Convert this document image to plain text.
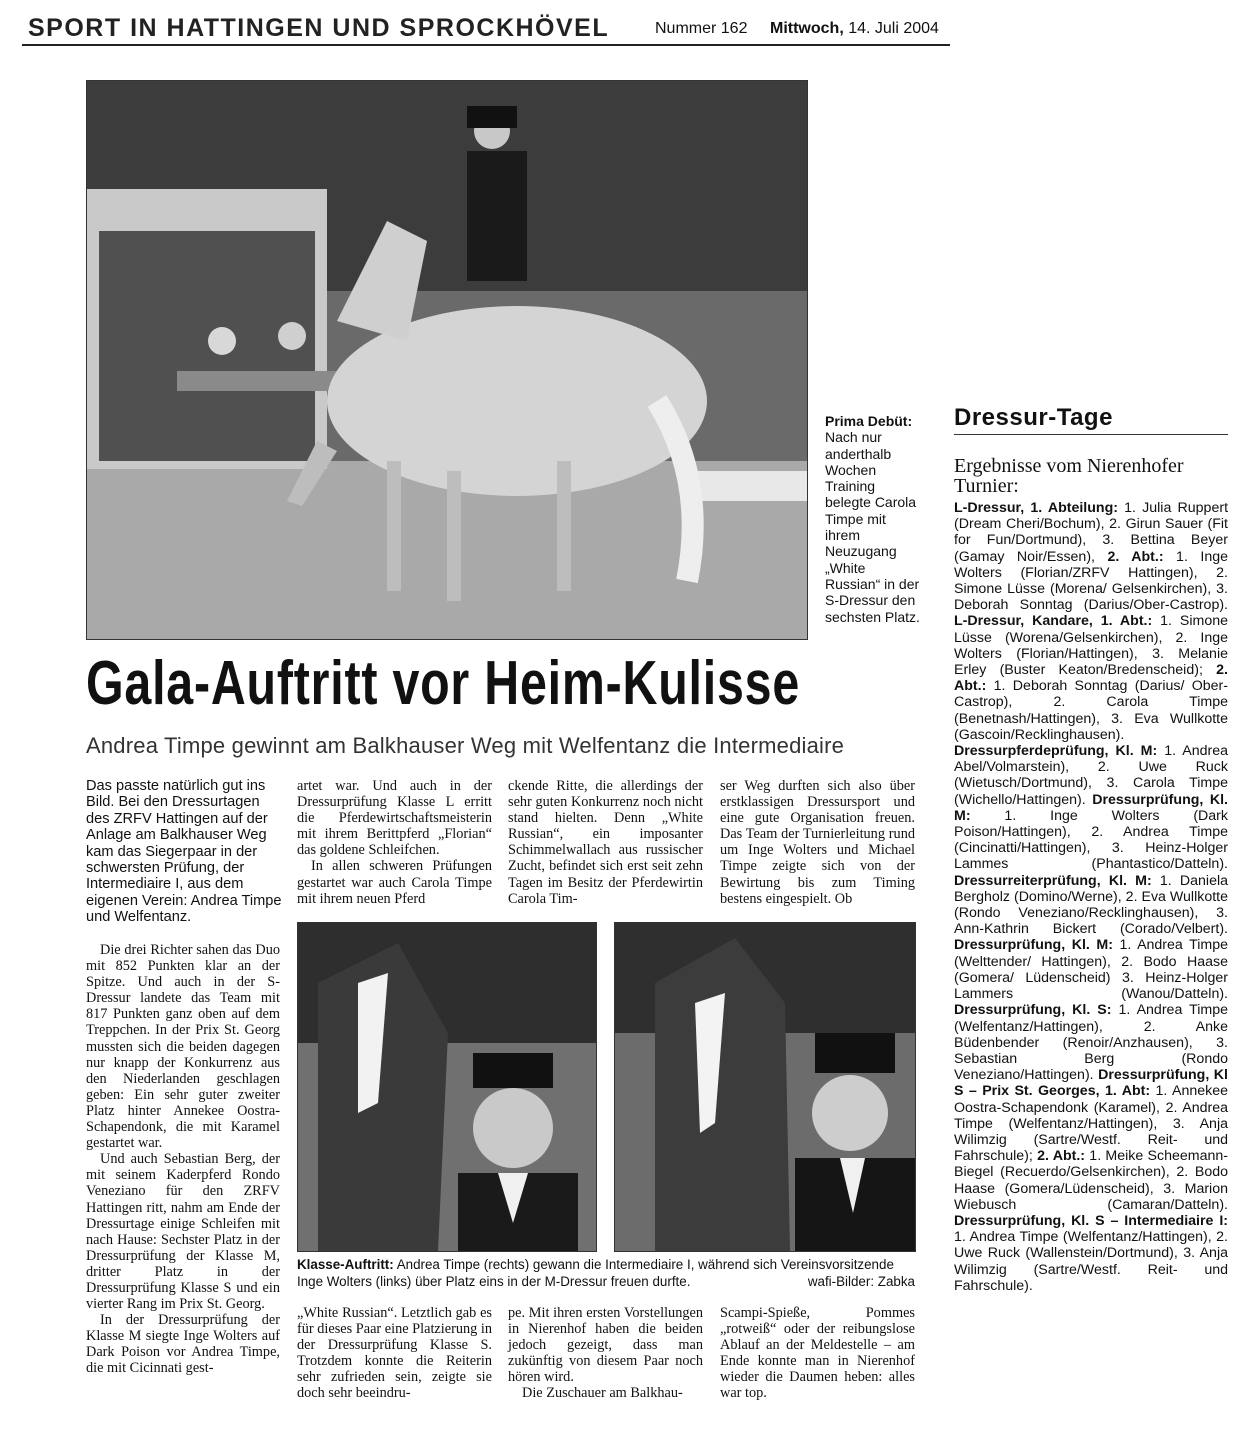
SPORT IN HATTINGEN UND SPROCKHÖVEL	Nummer 162 Mittwoch, 14. Juli 2004
Prima Debüt: Nach nur anderthalb Wochen Training belegte Carola Timpe mit ihrem Neuzugang „White Russian“ in der S-Dressur den sechsten Platz.
Gala-Auftritt vor Heim-Kulisse
Andrea Timpe gewinnt am Balkhauser Weg mit Welfentanz die Intermediaire

Das passte natürlich gut ins Bild. Bei den Dressurtagen des ZRFV Hattingen auf der Anlage am Balkhauser Weg kam das Siegerpaar in der schwersten Prüfung, der Intermediaire I, aus dem eigenen Verein: Andrea Timpe und Welfentanz.

Die drei Richter sahen das Duo mit 852 Punkten klar an der Spitze. Und auch in der S-Dressur landete das Team mit 817 Punkten ganz oben auf dem Treppchen. In der Prix St. Georg mussten sich die beiden dagegen nur knapp der Konkurrenz aus den Niederlanden geschlagen geben: Ein sehr guter zweiter Platz hinter Annekee Oostra-Schapendonk, die mit Karamel gestartet war.

Und auch Sebastian Berg, der mit seinem Kaderpferd Rondo Veneziano für den ZRFV Hattingen ritt, nahm am Ende der Dressurtage einige Schleifen mit nach Hause: Sechster Platz in der Dressurprüfung der Klasse M, dritter Platz in der Dressurprüfung Klasse S und ein vierter Rang im Prix St. Georg.

In der Dressurprüfung der Klasse M siegte Inge Wolters auf Dark Poison vor Andrea Timpe, die mit Cicinnati gest-

artet war. Und auch in der Dressurprüfung Klasse L erritt die Pferdewirtschaftsmeisterin mit ihrem Berittpferd „Florian“ das goldene Schleifchen.

In allen schweren Prüfungen gestartet war auch Carola Timpe mit ihrem neuen Pferd

ckende Ritte, die allerdings der sehr guten Konkurrenz noch nicht stand hielten. Denn „White Russian“, ein imposanter Schimmelwallach aus russischer Zucht, befindet sich erst seit zehn Tagen im Besitz der Pferdewirtin Carola Tim-

ser Weg durften sich also über erstklassigen Dressursport und eine gute Organisation freuen. Das Team der Turnierleitung rund um Inge Wolters und Michael Timpe zeigte sich von der Bewirtung bis zum Timing bestens eingespielt. Ob

Klasse-Auftritt: Andrea Timpe (rechts) gewann die Intermediaire I, während sich Vereinsvorsitzende Inge Wolters (links) über Platz eins in der M-Dressur freuen durfte.	wafi-Bilder: Zabka

„White Russian“. Letztlich gab es für dieses Paar eine Platzierung in der Dressurprüfung Klasse S. Trotzdem konnte die Reiterin sehr zufrieden sein, zeigte sie doch sehr beeindru-

pe. Mit ihren ersten Vorstellungen in Nierenhof haben die beiden jedoch gezeigt, dass man zukünftig von diesem Paar noch hören wird.

Die Zuschauer am Balkhau-

Scampi-Spieße, Pommes „rotweiß“ oder der reibungslose Ablauf an der Meldestelle – am Ende konnte man in Nierenhof wieder die Daumen heben: alles war top.

Dressur-Tage
Ergebnisse vom Nierenhofer Turnier:
L-Dressur, 1. Abteilung: 1. Julia Ruppert (Dream Cheri/Bochum), 2. Girun Sauer (Fit for Fun/Dortmund), 3. Bettina Beyer (Gamay Noir/Essen), 2. Abt.: 1. Inge Wolters (Florian/ZRFV Hattingen), 2. Simone Lüsse (Morena/ Gelsenkirchen), 3. Deborah Sonntag (Darius/Ober-Castrop). L-Dressur, Kandare, 1. Abt.: 1. Simone Lüsse (Worena/Gelsenkirchen), 2. Inge Wolters (Florian/Hattingen), 3. Melanie Erley (Buster Keaton/Bredenscheid); 2. Abt.: 1. Deborah Sonntag (Darius/ Ober-Castrop), 2. Carola Timpe (Benetnash/Hattingen), 3. Eva Wullkotte (Gascoin/Recklinghausen). Dressurpferdeprüfung, Kl. M: 1. Andrea Abel/Volmarstein), 2. Uwe Ruck (Wietusch/Dortmund), 3. Carola Timpe (Wichello/Hattingen). Dressurprüfung, Kl. M: 1. Inge Wolters (Dark Poison/Hattingen), 2. Andrea Timpe (Cincinatti/Hattingen), 3. Heinz-Holger Lammes (Phantastico/Datteln). Dressurreiterprüfung, Kl. M: 1. Daniela Bergholz (Domino/Werne), 2. Eva Wullkotte (Rondo Veneziano/Recklinghausen), 3. Ann-Kathrin Bickert (Corado/Velbert). Dressurprüfung, Kl. M: 1. Andrea Timpe (Welttender/ Hattingen), 2. Bodo Haase (Gomera/ Lüdenscheid) 3. Heinz-Holger Lammers (Wanou/Datteln). Dressurprüfung, Kl. S: 1. Andrea Timpe (Welfentanz/Hattingen), 2. Anke Büdenbender (Renoir/Anzhausen), 3. Sebastian Berg (Rondo Veneziano/Hattingen). Dressurprüfung, Kl S – Prix St. Georges, 1. Abt: 1. Annekee Oostra-Schapendonk (Karamel), 2. Andrea Timpe (Welfentanz/Hattingen), 3. Anja Wilimzig (Sartre/Westf. Reit- und Fahrschule); 2. Abt.: 1. Meike Scheemann-Biegel (Recuerdo/Gelsenkirchen), 2. Bodo Haase (Gomera/Lüdenscheid), 3. Marion Wiebusch (Camaran/Datteln). Dressurprüfung, Kl. S – Intermediaire I: 1. Andrea Timpe (Welfentanz/Hattingen), 2. Uwe Ruck (Wallenstein/Dortmund), 3. Anja Wilimzig (Sartre/Westf. Reit- und Fahrschule).
